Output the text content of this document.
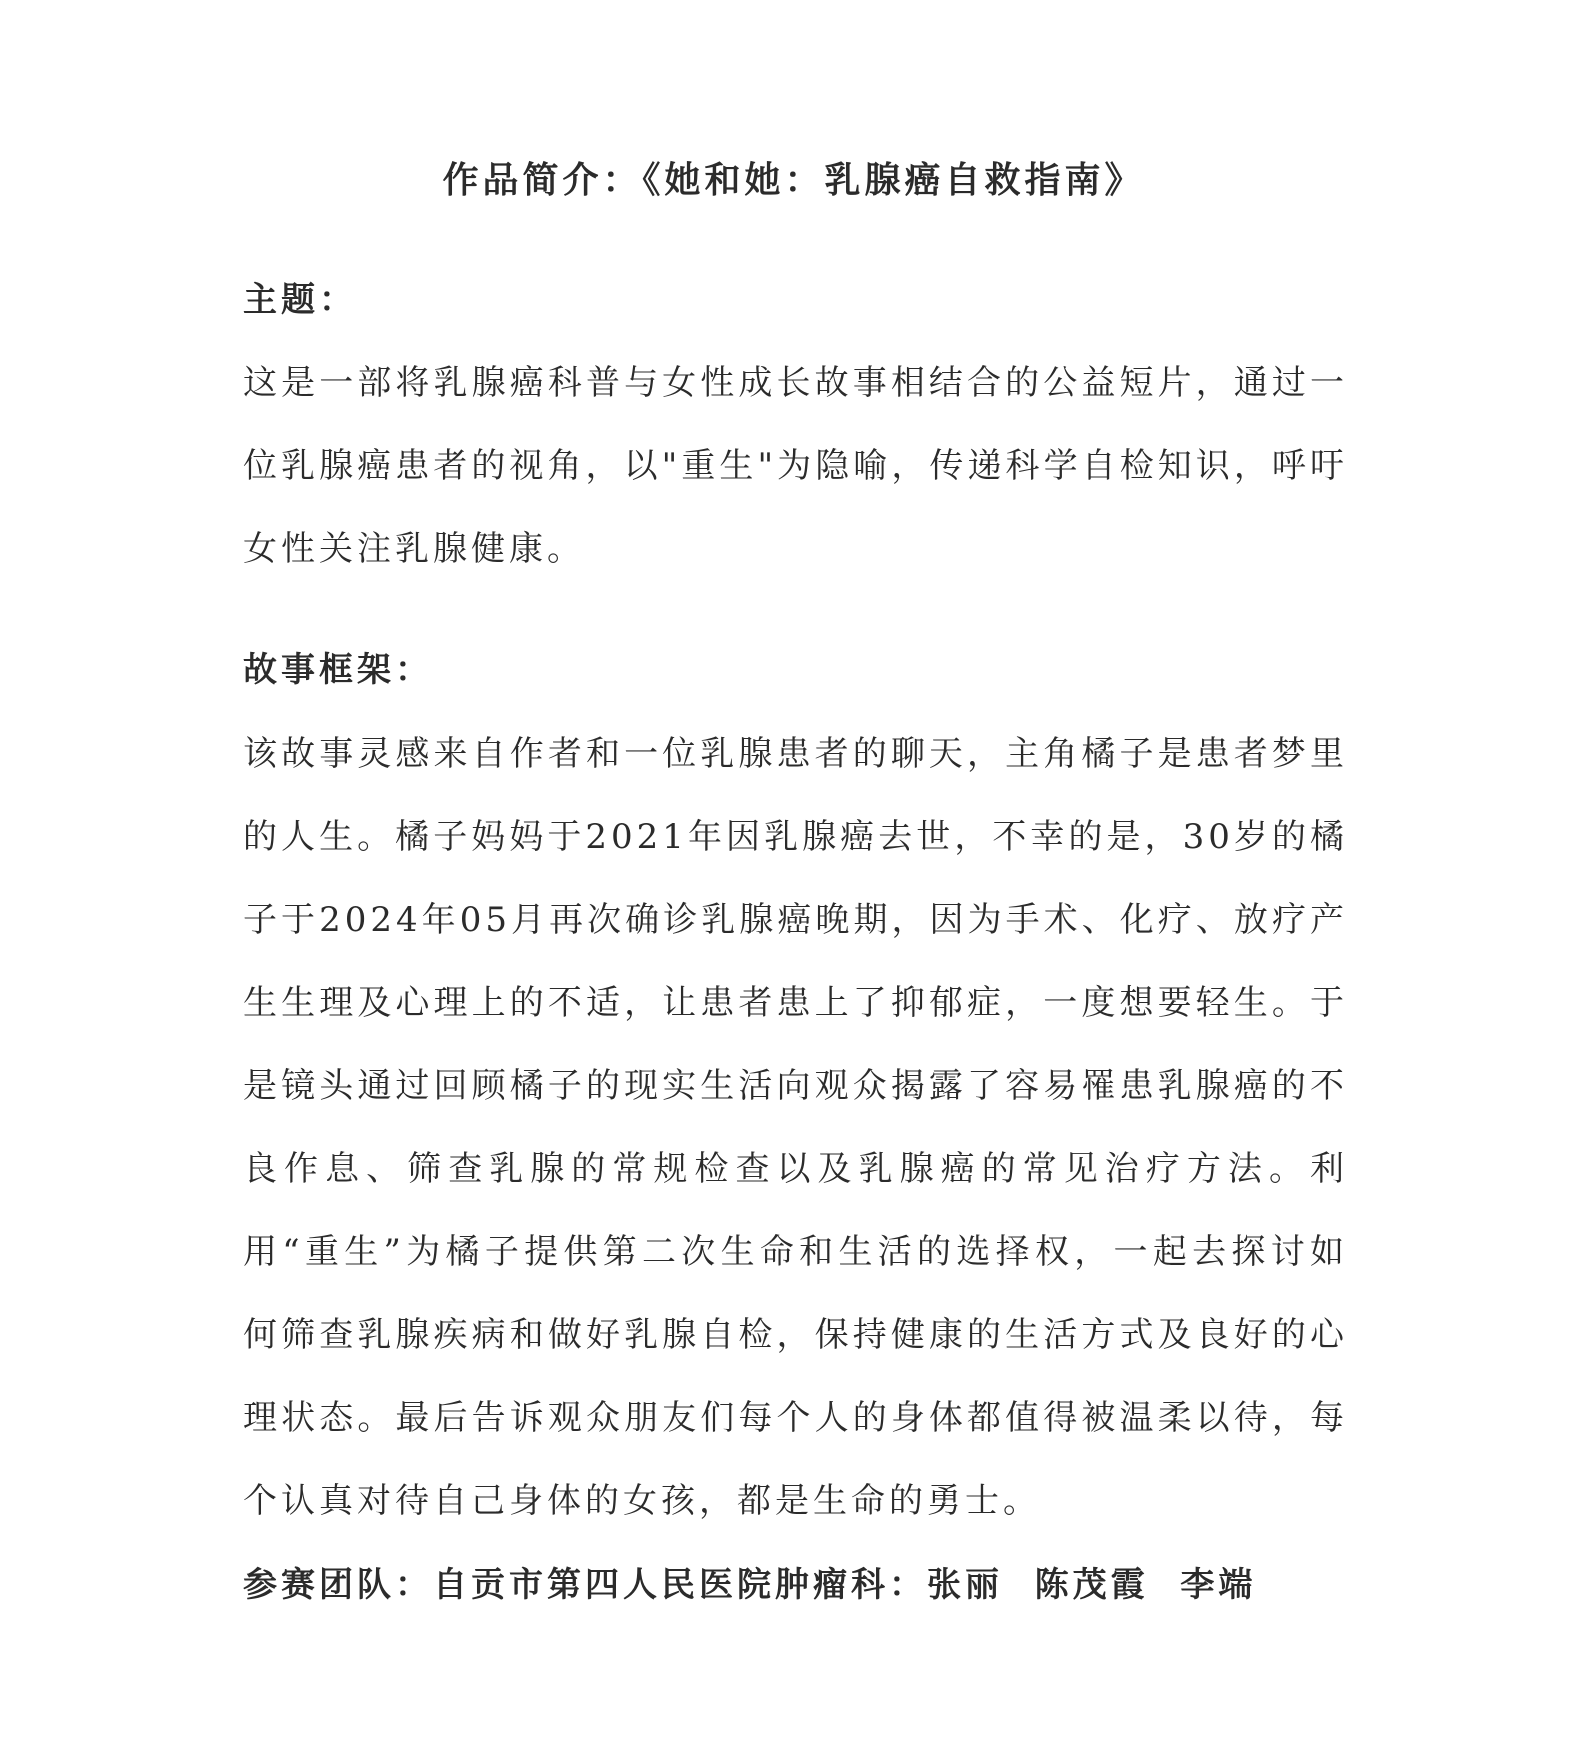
作品简介：《她和她：乳腺癌自救指南》
主题：

这是一部将乳腺癌科普与女性成长故事相结合的公益短片，通过一位乳腺癌患者的视角，以"重生"为隐喻，传递科学自检知识，呼吁女性关注乳腺健康。

故事框架：

该故事灵感来自作者和一位乳腺患者的聊天，主角橘子是患者梦里的人生。橘子妈妈于2021年因乳腺癌去世，不幸的是，30岁的橘子于2024年05月再次确诊乳腺癌晚期，因为手术、化疗、放疗产生生理及心理上的不适，让患者患上了抑郁症，一度想要轻生。于是镜头通过回顾橘子的现实生活向观众揭露了容易罹患乳腺癌的不良作息、筛查乳腺的常规检查以及乳腺癌的常见治疗方法。利用“重生”为橘子提供第二次生命和生活的选择权，一起去探讨如何筛查乳腺疾病和做好乳腺自检，保持健康的生活方式及良好的心理状态。最后告诉观众朋友们每个人的身体都值得被温柔以待，每个认真对待自己身体的女孩，都是生命的勇士。

参赛团队：自贡市第四人民医院肿瘤科：张丽  陈茂霞  李端
